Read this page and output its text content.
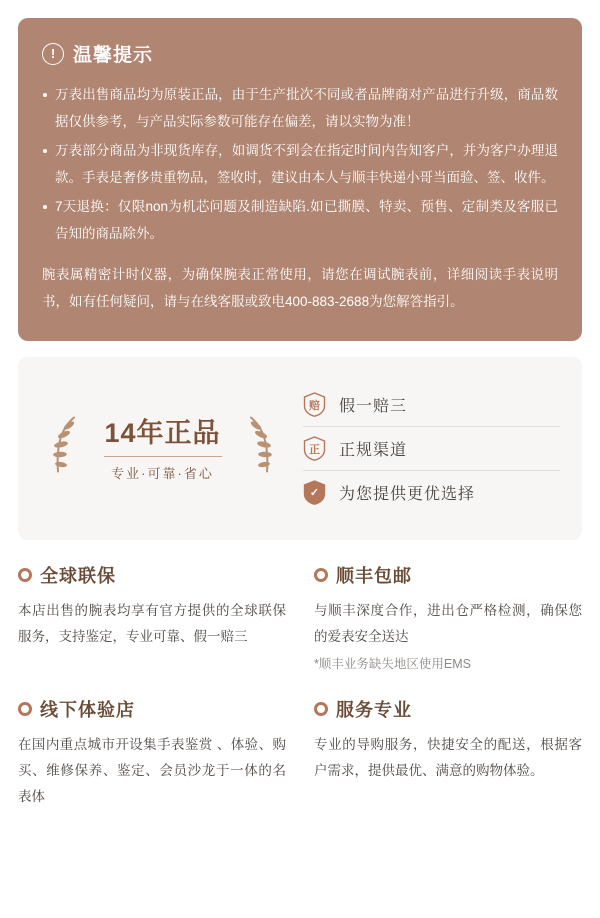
! 温馨提示
万表出售商品均为原装正品，由于生产批次不同或者品牌商对产品进行升级，商品数据仅供参考，与产品实际参数可能存在偏差，请以实物为准！
万表部分商品为非现货库存，如调货不到会在指定时间内告知客户，并为客户办理退款。手表是奢侈贵重物品，签收时，建议由本人与顺丰快递小哥当面验、签、收件。
7天退换：仅限non为机芯问题及制造缺陷.如已撕膜、特卖、预售、定制类及客服已告知的商品除外。
腕表属精密计时仪器，为确保腕表正常使用，请您在调试腕表前，详细阅读手表说明书，如有任何疑问，请与在线客服或致电400-883-2688为您解答指引。
14年正品
专业·可靠·省心
赔 假一赔三
正 正规渠道
✓ 为您提供更优选择
全球联保
本店出售的腕表均享有官方提供的全球联保服务，支持鉴定，专业可靠、假一赔三
顺丰包邮
与顺丰深度合作，进出仓严格检测，确保您的爱表安全送达
*顺丰业务缺失地区使用EMS
线下体验店
在国内重点城市开设集手表鉴赏 、体验、购买、维修保养、鉴定、会员沙龙于一体的名表体
服务专业
专业的导购服务，快捷安全的配送，根据客户需求，提供最优、满意的购物体验。
